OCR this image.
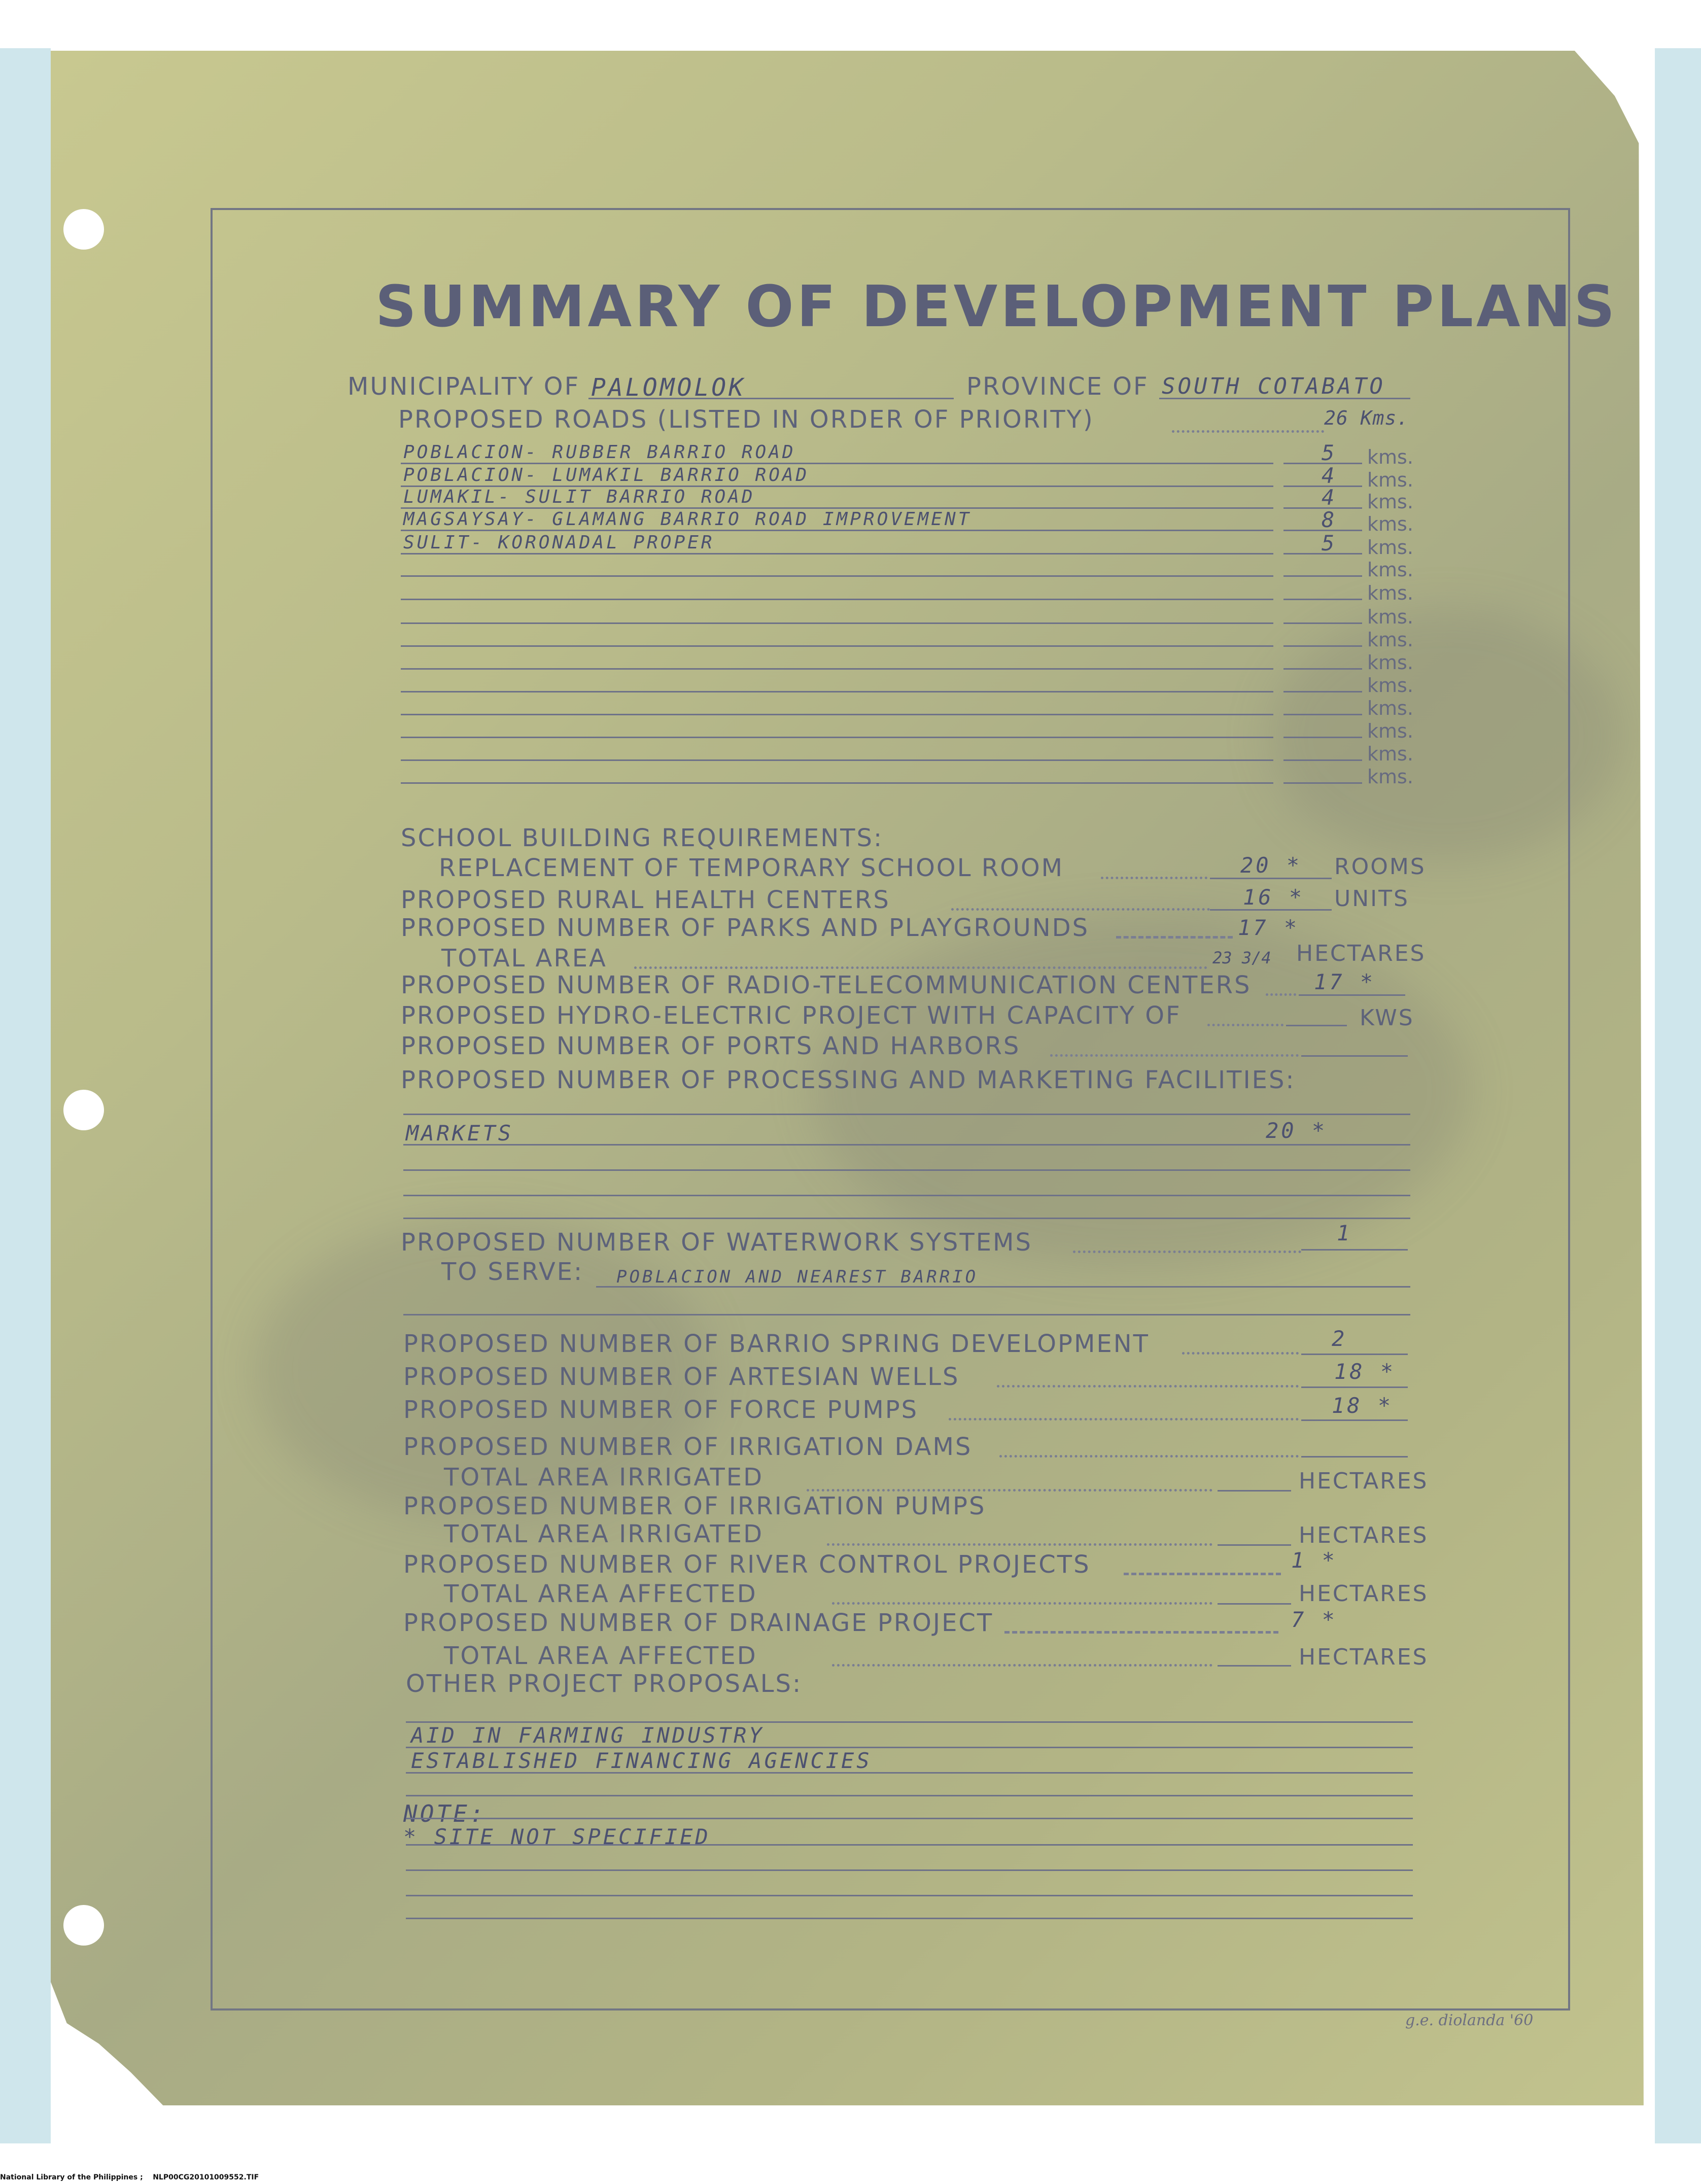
SUMMARY OF DEVELOPMENT PLANS
MUNICIPALITY OF PALOMOLOK	PROVINCE OF SOUTH COTABATO
PROPOSED ROADS (LISTED IN ORDER OF PRIORITY)	26 Kms.
POBLACION- RUBBER BARRIO ROAD	5 kms.
POBLACION- LUMAKIL BARRIO ROAD	4 kms.
LUMAKIL- SULIT BARRIO ROAD	4 kms.
MAGSAYSAY- GLAMANG BARRIO ROAD IMPROVEMENT	8 kms.
SULIT- KORONADAL PROPER	5 kms.
kms.
kms.
kms.
kms.
kms.
kms.
kms.
kms.
kms.
kms.
SCHOOL BUILDING REQUIREMENTS:
REPLACEMENT OF TEMPORARY SCHOOL ROOM	20 * ROOMS
PROPOSED RURAL HEALTH CENTERS	16 * UNITS
PROPOSED NUMBER OF PARKS AND PLAYGROUNDS	17 *
TOTAL AREA	23 3/4 HECTARES
PROPOSED NUMBER OF RADIO-TELECOMMUNICATION CENTERS	17 *
PROPOSED HYDRO-ELECTRIC PROJECT WITH CAPACITY OF	KWS
PROPOSED NUMBER OF PORTS AND HARBORS
PROPOSED NUMBER OF PROCESSING AND MARKETING FACILITIES:
MARKETS	20 *
PROPOSED NUMBER OF WATERWORK SYSTEMS	1
TO SERVE: POBLACION AND NEAREST BARRIO
PROPOSED NUMBER OF BARRIO SPRING DEVELOPMENT	2
PROPOSED NUMBER OF ARTESIAN WELLS	18 *
PROPOSED NUMBER OF FORCE PUMPS	18 *
PROPOSED NUMBER OF IRRIGATION DAMS
TOTAL AREA IRRIGATED	HECTARES
PROPOSED NUMBER OF IRRIGATION PUMPS
TOTAL AREA IRRIGATED	HECTARES
PROPOSED NUMBER OF RIVER CONTROL PROJECTS	1 *
TOTAL AREA AFFECTED	HECTARES
PROPOSED NUMBER OF DRAINAGE PROJECT	7 *
TOTAL AREA AFFECTED	HECTARES
OTHER PROJECT PROPOSALS:
AID IN FARMING INDUSTRY
ESTABLISHED FINANCING AGENCIES
NOTE:
* SITE NOT SPECIFIED
g.e. diolanda '60
National Library of the Philippines ; NLP00CG20101009552.TIF
